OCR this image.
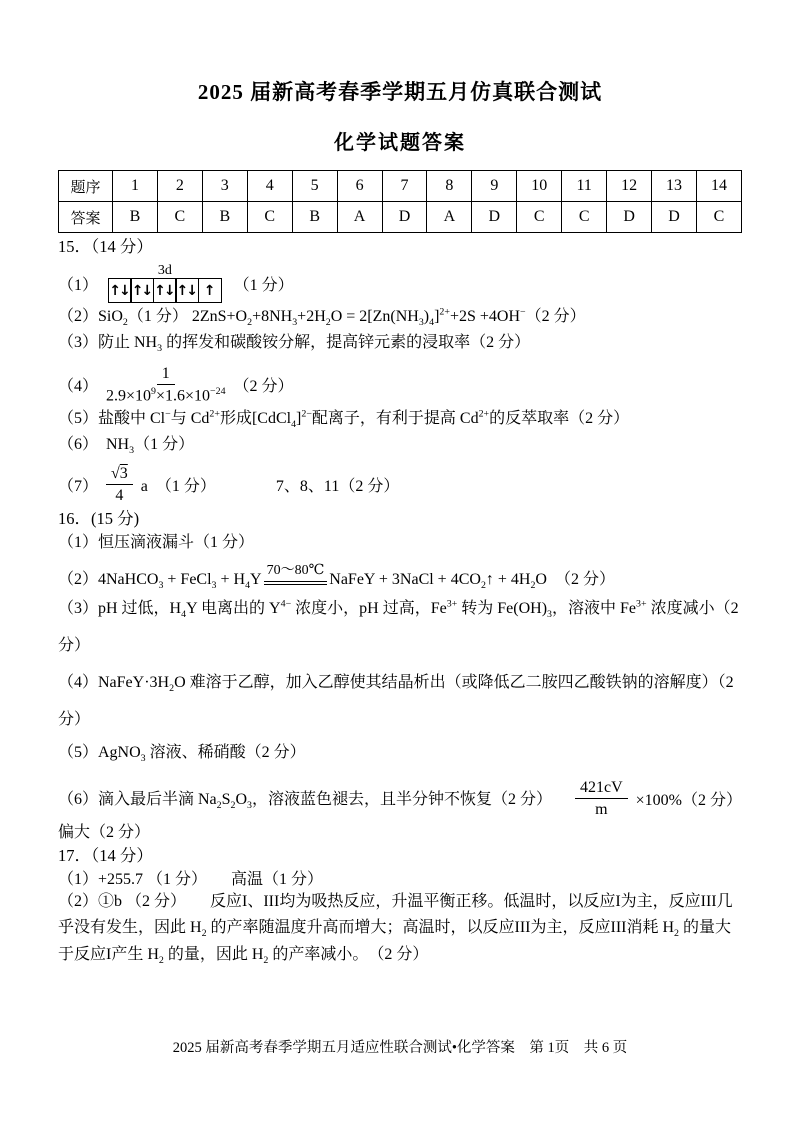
2025 届新高考春季学期五月仿真联合测试
化学试题答案
题序	1	2	3	4	5	6	7	8	9	10	11	12	13	14
答案	B	C	B	C	B	A	D	A	D	C	C	D	D	C

15．（14 分）

（1）
3d
↑↓ ↑↓ ↑↓ ↑↓ ↑	（1 分）

（2）SiO$_2$（1 分） $2ZnS+O_2+8NH_3+2H_2O = 2[Zn(NH_3)_4]^{2+}+2S +4OH^-(2$ 分）

（3）防止 $NH_3$ 的挥发和碳酸铵分解，提高锌元素的浸取率（2 分）

$(4) \frac{1}{2.9\times 10^9\times 1.6\times 10^{-24}} (2$ 分）

（5）盐酸中 Cl−与 $Cd^{2+}$形成[CdCl$_4$]$^{2-}$配离子，有利于提高 $Cd^{2+}$的反萃取率（2 分）

（6）　$NH_3(1$ 分）

$(7) \frac{√3}{4}$ a　（1 分）	7、8、11（2 分）

16．(15 分)

（1）恒压滴液漏斗（1 分）

（2）4NaHCO$_3$ + FeCl$_3$ + $H_4Y$
70～80℃
NaFeY + 3NaCl + $4CO_2↑ + 4H_2O$　（2 分）

（3）pH 过低，$H_4Y$ 电离出的 $Y^{4-}$ 浓度小，pH 过高，$Fe^{3+}$ 转为 $Fe(OH)_3$，溶液中 $Fe^{3+}$ 浓度减小（2 分）

$(4)NaFeY\cdot 3H_2O$ 难溶于乙醇，加入乙醇使其结晶析出（或降低乙二胺四乙酸铁钠的溶解度）（2 分）

（5）AgNO$_3$ 溶液、稀硝酸（2 分）

（6）滴入最后半滴 $Na_2S_2O_3$，溶液蓝色褪去，且半分钟不恢复（2 分） $\frac{421cV}{m} \times 100\%(2$ 分）

偏大（2 分）

17．（14 分）

（1）+255.7 （1 分）　　高温（1 分）

（2）①b （2 分）　　反应I、III均为吸热反应，升温平衡正移。低温时，以反应I为主，反应III几乎没有发生，因此 $H_2$ 的产率随温度升高而增大；高温时，以反应III为主，反应III消耗 $H_2$ 的量大于反应I产生 $H_2$ 的量，因此 $H_2$ 的产率减小。　（2 分）

2025 届新高考春季学期五月适应性联合测试•化学答案　第 1页　共 6 页
